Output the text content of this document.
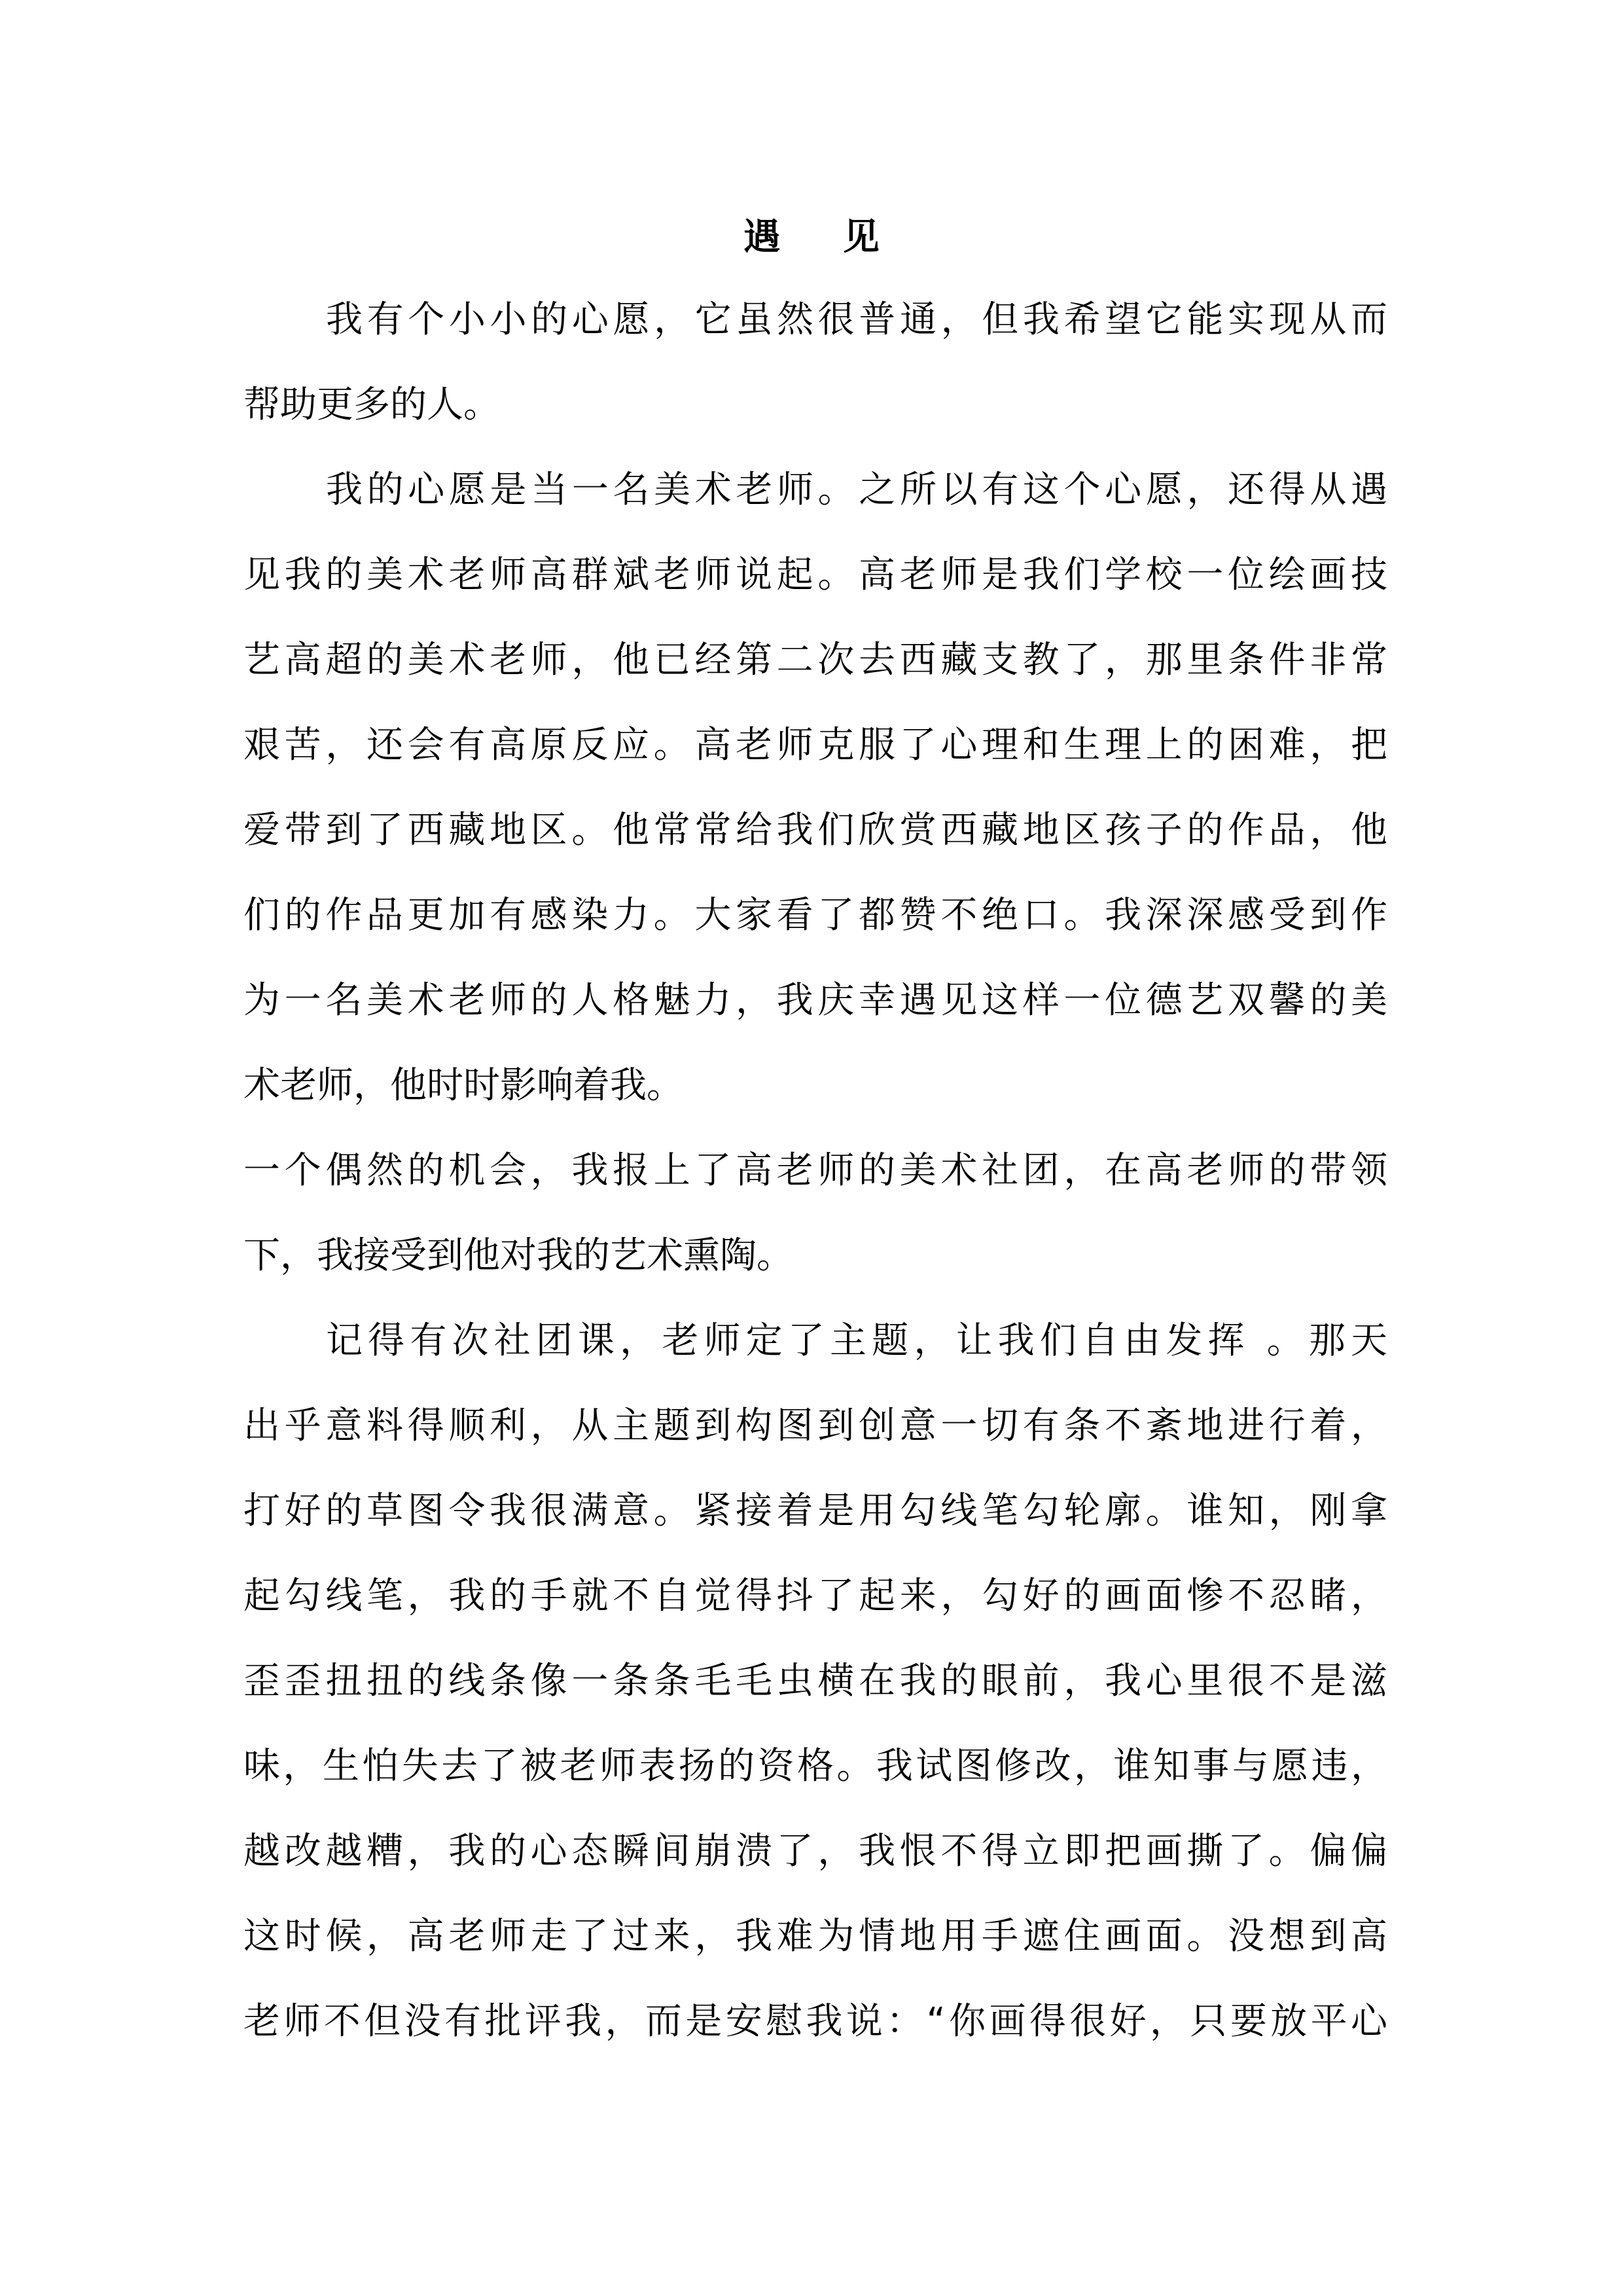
遇 见
我有个小小的心愿，它虽然很普通，但我希望它能实现从而
帮助更多的人。
我的心愿是当一名美术老师。之所以有这个心愿，还得从遇
见我的美术老师高群斌老师说起。高老师是我们学校一位绘画技
艺高超的美术老师，他已经第二次去西藏支教了，那里条件非常
艰苦，还会有高原反应。高老师克服了心理和生理上的困难，把
爱带到了西藏地区。他常常给我们欣赏西藏地区孩子的作品，他
们的作品更加有感染力。大家看了都赞不绝口。我深深感受到作
为一名美术老师的人格魅力，我庆幸遇见这样一位德艺双馨的美
术老师，他时时影响着我。
一个偶然的机会，我报上了高老师的美术社团，在高老师的带领
下，我接受到他对我的艺术熏陶。
记得有次社团课，老师定了主题，让我们自由发挥 。那天
出乎意料得顺利，从主题到构图到创意一切有条不紊地进行着，
打好的草图令我很满意。紧接着是用勾线笔勾轮廓。谁知，刚拿
起勾线笔，我的手就不自觉得抖了起来，勾好的画面惨不忍睹，
歪歪扭扭的线条像一条条毛毛虫横在我的眼前，我心里很不是滋
味，生怕失去了被老师表扬的资格。我试图修改，谁知事与愿违，
越改越糟，我的心态瞬间崩溃了，我恨不得立即把画撕了。偏偏
这时候，高老师走了过来，我难为情地用手遮住画面。没想到高
老师不但没有批评我，而是安慰我说：“你画得很好，只要放平心
